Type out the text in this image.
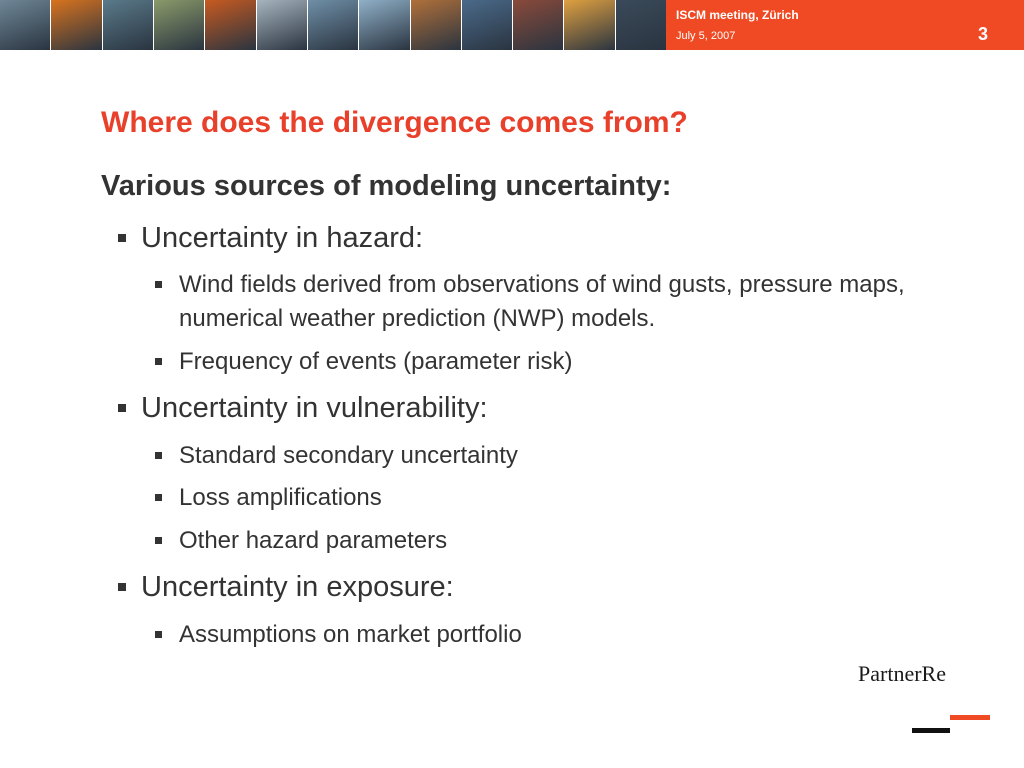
ISCM meeting, Zürich
July 5, 2007	3
Where does the divergence comes from?
Various sources of modeling uncertainty:
Uncertainty in hazard:
Wind fields derived from observations of wind gusts, pressure maps, numerical weather prediction (NWP) models.
Frequency of events (parameter risk)
Uncertainty in vulnerability:
Standard secondary uncertainty
Loss amplifications
Other hazard parameters
Uncertainty in exposure:
Assumptions on market portfolio
PartnerRe
